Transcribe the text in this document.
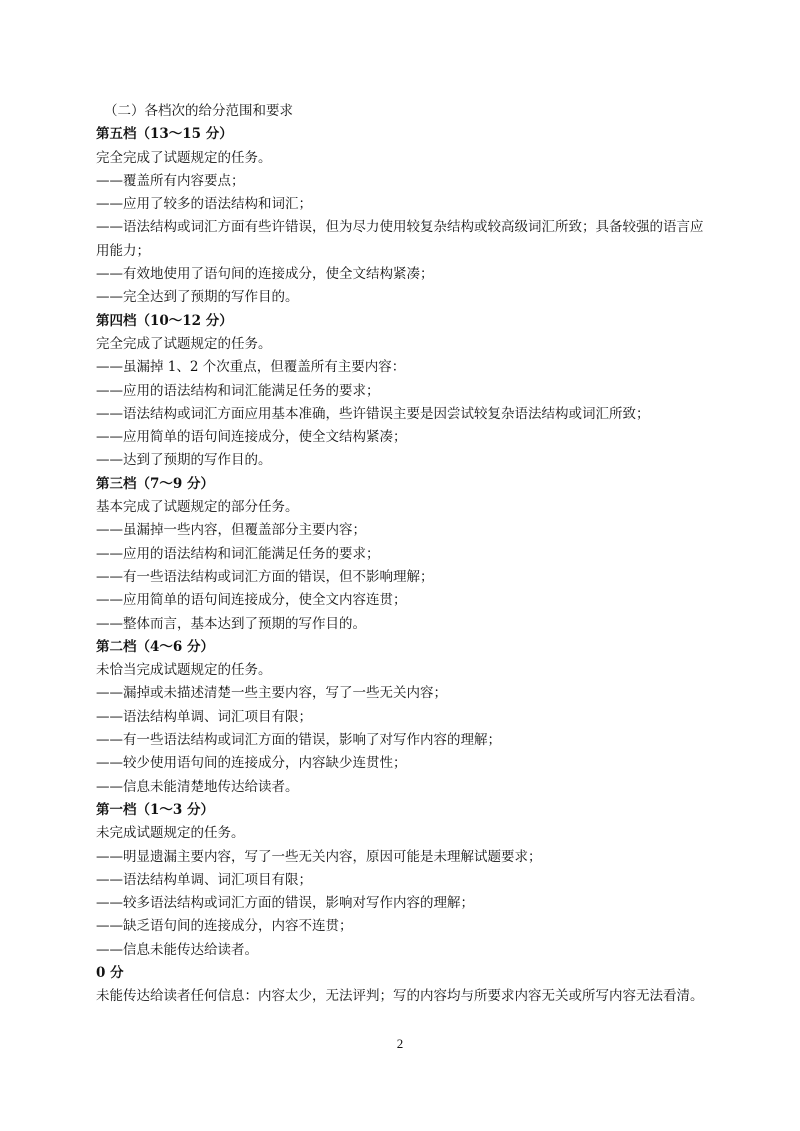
（二）各档次的给分范围和要求
第五档（13～15 分）
完全完成了试题规定的任务。
——覆盖所有内容要点；
——应用了较多的语法结构和词汇；
——语法结构或词汇方面有些许错误，但为尽力使用较复杂结构或较高级词汇所致；具备较强的语言应用能力；
——有效地使用了语句间的连接成分，使全文结构紧凑；
——完全达到了预期的写作目的。
第四档（10～12 分）
完全完成了试题规定的任务。
——虽漏掉 1、2 个次重点，但覆盖所有主要内容：
——应用的语法结构和词汇能满足任务的要求；
——语法结构或词汇方面应用基本准确，些许错误主要是因尝试较复杂语法结构或词汇所致；
——应用简单的语句间连接成分，使全文结构紧凑；
——达到了预期的写作目的。
第三档（7～9 分）
基本完成了试题规定的部分任务。
——虽漏掉一些内容，但覆盖部分主要内容；
——应用的语法结构和词汇能满足任务的要求；
——有一些语法结构或词汇方面的错误，但不影响理解；
——应用简单的语句间连接成分，使全文内容连贯；
——整体而言，基本达到了预期的写作目的。
第二档（4～6 分）
未恰当完成试题规定的任务。
——漏掉或未描述清楚一些主要内容，写了一些无关内容；
——语法结构单调、词汇项目有限；
——有一些语法结构或词汇方面的错误，影响了对写作内容的理解；
——较少使用语句间的连接成分，内容缺少连贯性；
——信息未能清楚地传达给读者。
第一档（1～3 分）
未完成试题规定的任务。
——明显遗漏主要内容，写了一些无关内容，原因可能是未理解试题要求；
——语法结构单调、词汇项目有限；
——较多语法结构或词汇方面的错误，影响对写作内容的理解；
——缺乏语句间的连接成分，内容不连贯；
——信息未能传达给读者。
0 分
未能传达给读者任何信息：内容太少，无法评判；写的内容均与所要求内容无关或所写内容无法看清。
2
